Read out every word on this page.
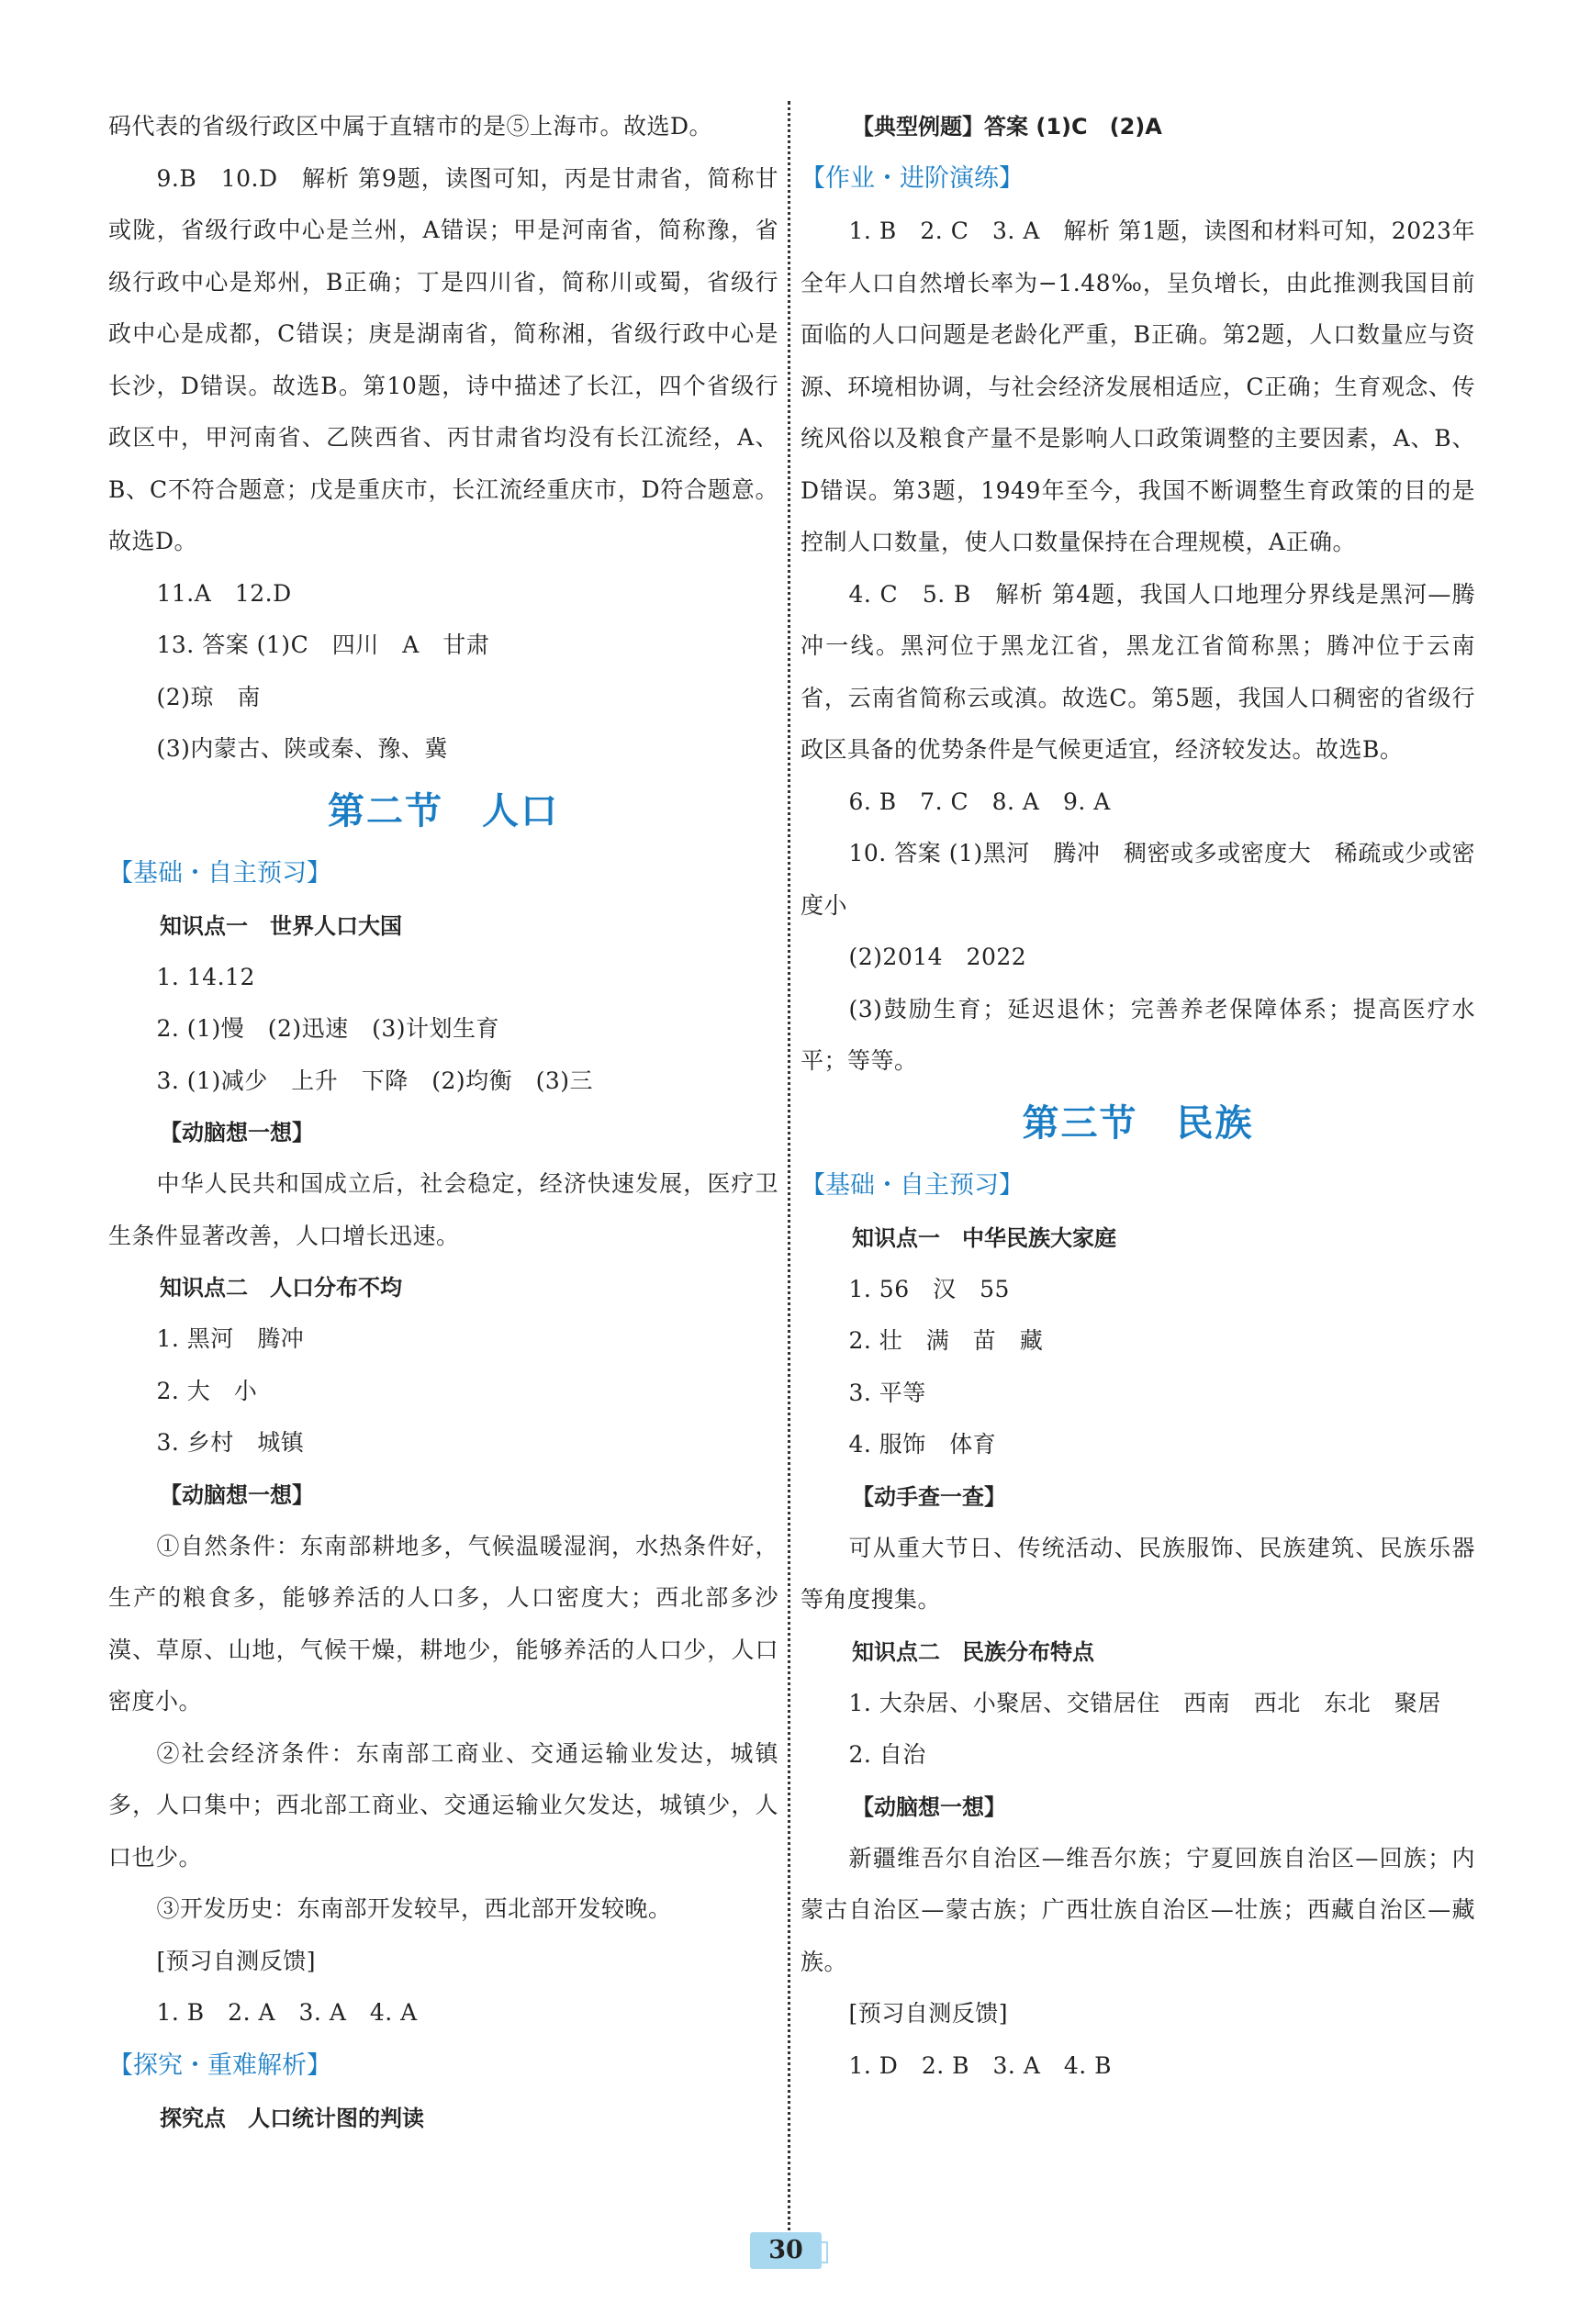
码代表的省级行政区中属于直辖市的是⑤上海市。故选D。

9.B　10.D　解析 第9题，读图可知，丙是甘肃省，简称甘或陇，省级行政中心是兰州，A错误；甲是河南省，简称豫，省级行政中心是郑州，B正确；丁是四川省，简称川或蜀，省级行政中心是成都，C错误；庚是湖南省，简称湘，省级行政中心是长沙，D错误。故选B。第10题，诗中描述了长江，四个省级行政区中，甲河南省、乙陕西省、丙甘肃省均没有长江流经，A、B、C不符合题意；戊是重庆市，长江流经重庆市，D符合题意。故选D。

11.A　12.D

13. 答案 (1)C　四川　A　甘肃

(2)琼　南

(3)内蒙古、陕或秦、豫、冀

第二节　人口

【基础・自主预习】

知识点一　世界人口大国

1. 14.12

2. (1)慢　(2)迅速　(3)计划生育

3. (1)减少　上升　下降　(2)均衡　(3)三

【动脑想一想】

中华人民共和国成立后，社会稳定，经济快速发展，医疗卫生条件显著改善，人口增长迅速。

知识点二　人口分布不均

1. 黑河　腾冲

2. 大　小

3. 乡村　城镇

【动脑想一想】

①自然条件：东南部耕地多，气候温暖湿润，水热条件好，生产的粮食多，能够养活的人口多，人口密度大；西北部多沙漠、草原、山地，气候干燥，耕地少，能够养活的人口少，人口密度小。

②社会经济条件：东南部工商业、交通运输业发达，城镇多，人口集中；西北部工商业、交通运输业欠发达，城镇少，人口也少。

③开发历史：东南部开发较早，西北部开发较晚。

[预习自测反馈]

1. B　2. A　3. A　4. A

【探究・重难解析】

探究点　人口统计图的判读

【典型例题】答案 (1)C　(2)A

【作业・进阶演练】

1. B　2. C　3. A　解析 第1题，读图和材料可知，2023年全年人口自然增长率为−1.48‰，呈负增长，由此推测我国目前面临的人口问题是老龄化严重，B正确。第2题，人口数量应与资源、环境相协调，与社会经济发展相适应，C正确；生育观念、传统风俗以及粮食产量不是影响人口政策调整的主要因素，A、B、D错误。第3题，1949年至今，我国不断调整生育政策的目的是控制人口数量，使人口数量保持在合理规模，A正确。

4. C　5. B　解析 第4题，我国人口地理分界线是黑河—腾冲一线。黑河位于黑龙江省，黑龙江省简称黑；腾冲位于云南省，云南省简称云或滇。故选C。第5题，我国人口稠密的省级行政区具备的优势条件是气候更适宜，经济较发达。故选B。

6. B　7. C　8. A　9. A

10. 答案 (1)黑河　腾冲　稠密或多或密度大　稀疏或少或密度小

(2)2014　2022

(3)鼓励生育；延迟退休；完善养老保障体系；提高医疗水平；等等。

第三节　民族

【基础・自主预习】

知识点一　中华民族大家庭

1. 56　汉　55

2. 壮　满　苗　藏

3. 平等

4. 服饰　体育

【动手查一查】

可从重大节日、传统活动、民族服饰、民族建筑、民族乐器等角度搜集。

知识点二　民族分布特点

1. 大杂居、小聚居、交错居住　西南　西北　东北　聚居

2. 自治

【动脑想一想】

新疆维吾尔自治区—维吾尔族；宁夏回族自治区—回族；内蒙古自治区—蒙古族；广西壮族自治区—壮族；西藏自治区—藏族。

[预习自测反馈]

1. D　2. B　3. A　4. B

30
